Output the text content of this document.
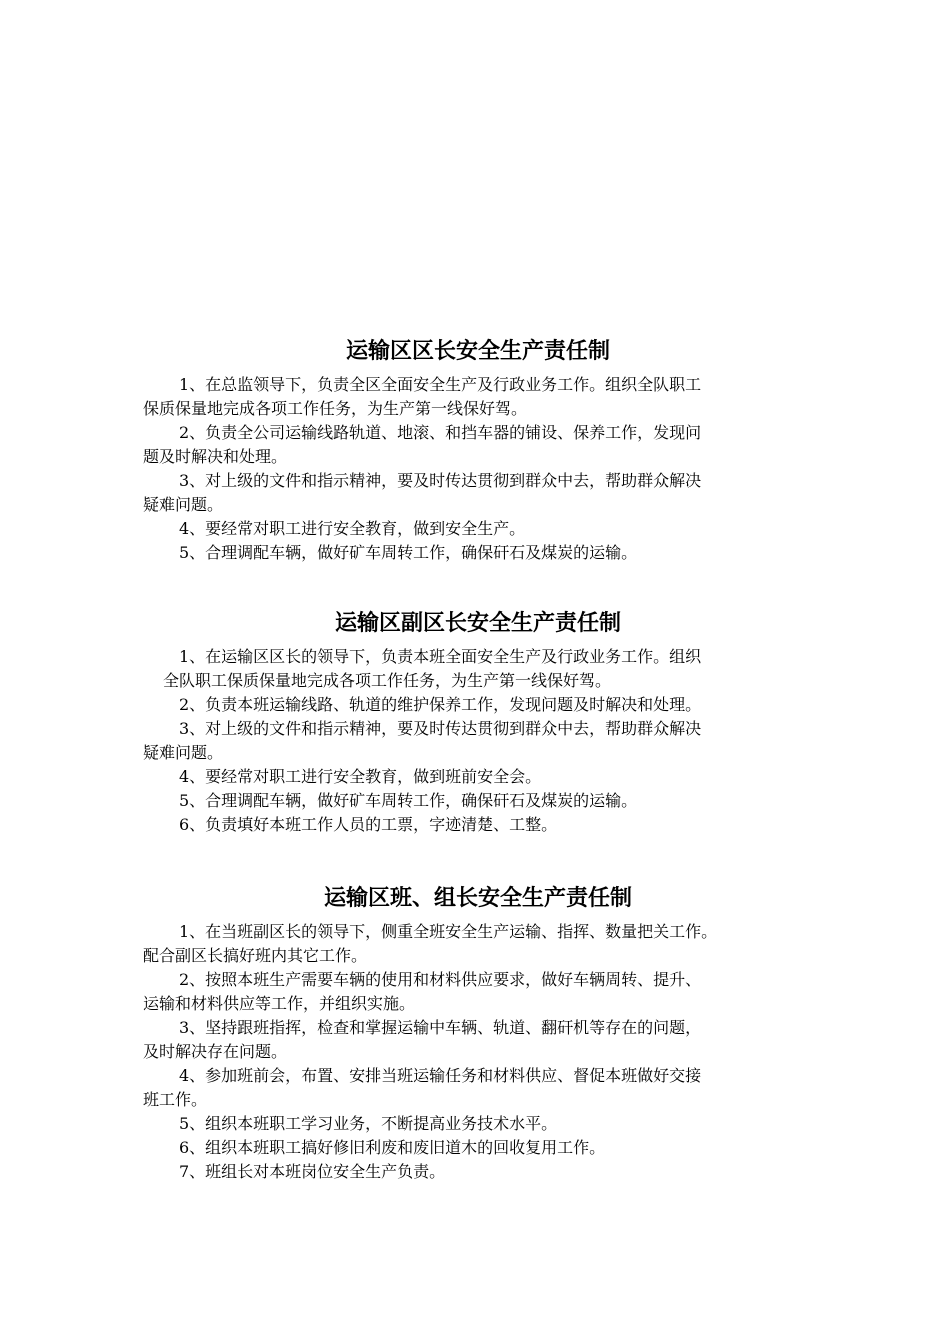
运输区区长安全生产责任制

1、在总监领导下，负责全区全面安全生产及行政业务工作。组织全队职工
保质保量地完成各项工作任务，为生产第一线保好驾。

2、负责全公司运输线路轨道、地滚、和挡车器的铺设、保养工作，发现问
题及时解决和处理。

3、对上级的文件和指示精神，要及时传达贯彻到群众中去，帮助群众解决
疑难问题。

4、要经常对职工进行安全教育，做到安全生产。

5、合理调配车辆，做好矿车周转工作，确保矸石及煤炭的运输。

运输区副区长安全生产责任制

1、在运输区区长的领导下，负责本班全面安全生产及行政业务工作。组织
全队职工保质保量地完成各项工作任务，为生产第一线保好驾。

2、负责本班运输线路、轨道的维护保养工作，发现问题及时解决和处理。

3、对上级的文件和指示精神，要及时传达贯彻到群众中去，帮助群众解决
疑难问题。

4、要经常对职工进行安全教育，做到班前安全会。

5、合理调配车辆，做好矿车周转工作，确保矸石及煤炭的运输。

6、负责填好本班工作人员的工票，字迹清楚、工整。

运输区班、组长安全生产责任制

1、在当班副区长的领导下，侧重全班安全生产运输、指挥、数量把关工作。
配合副区长搞好班内其它工作。

2、按照本班生产需要车辆的使用和材料供应要求，做好车辆周转、提升、
运输和材料供应等工作，并组织实施。

3、坚持跟班指挥，检查和掌握运输中车辆、轨道、翻矸机等存在的问题，
及时解决存在问题。

4、参加班前会，布置、安排当班运输任务和材料供应、督促本班做好交接
班工作。

5、组织本班职工学习业务，不断提高业务技术水平。

6、组织本班职工搞好修旧利废和废旧道木的回收复用工作。

7、班组长对本班岗位安全生产负责。
